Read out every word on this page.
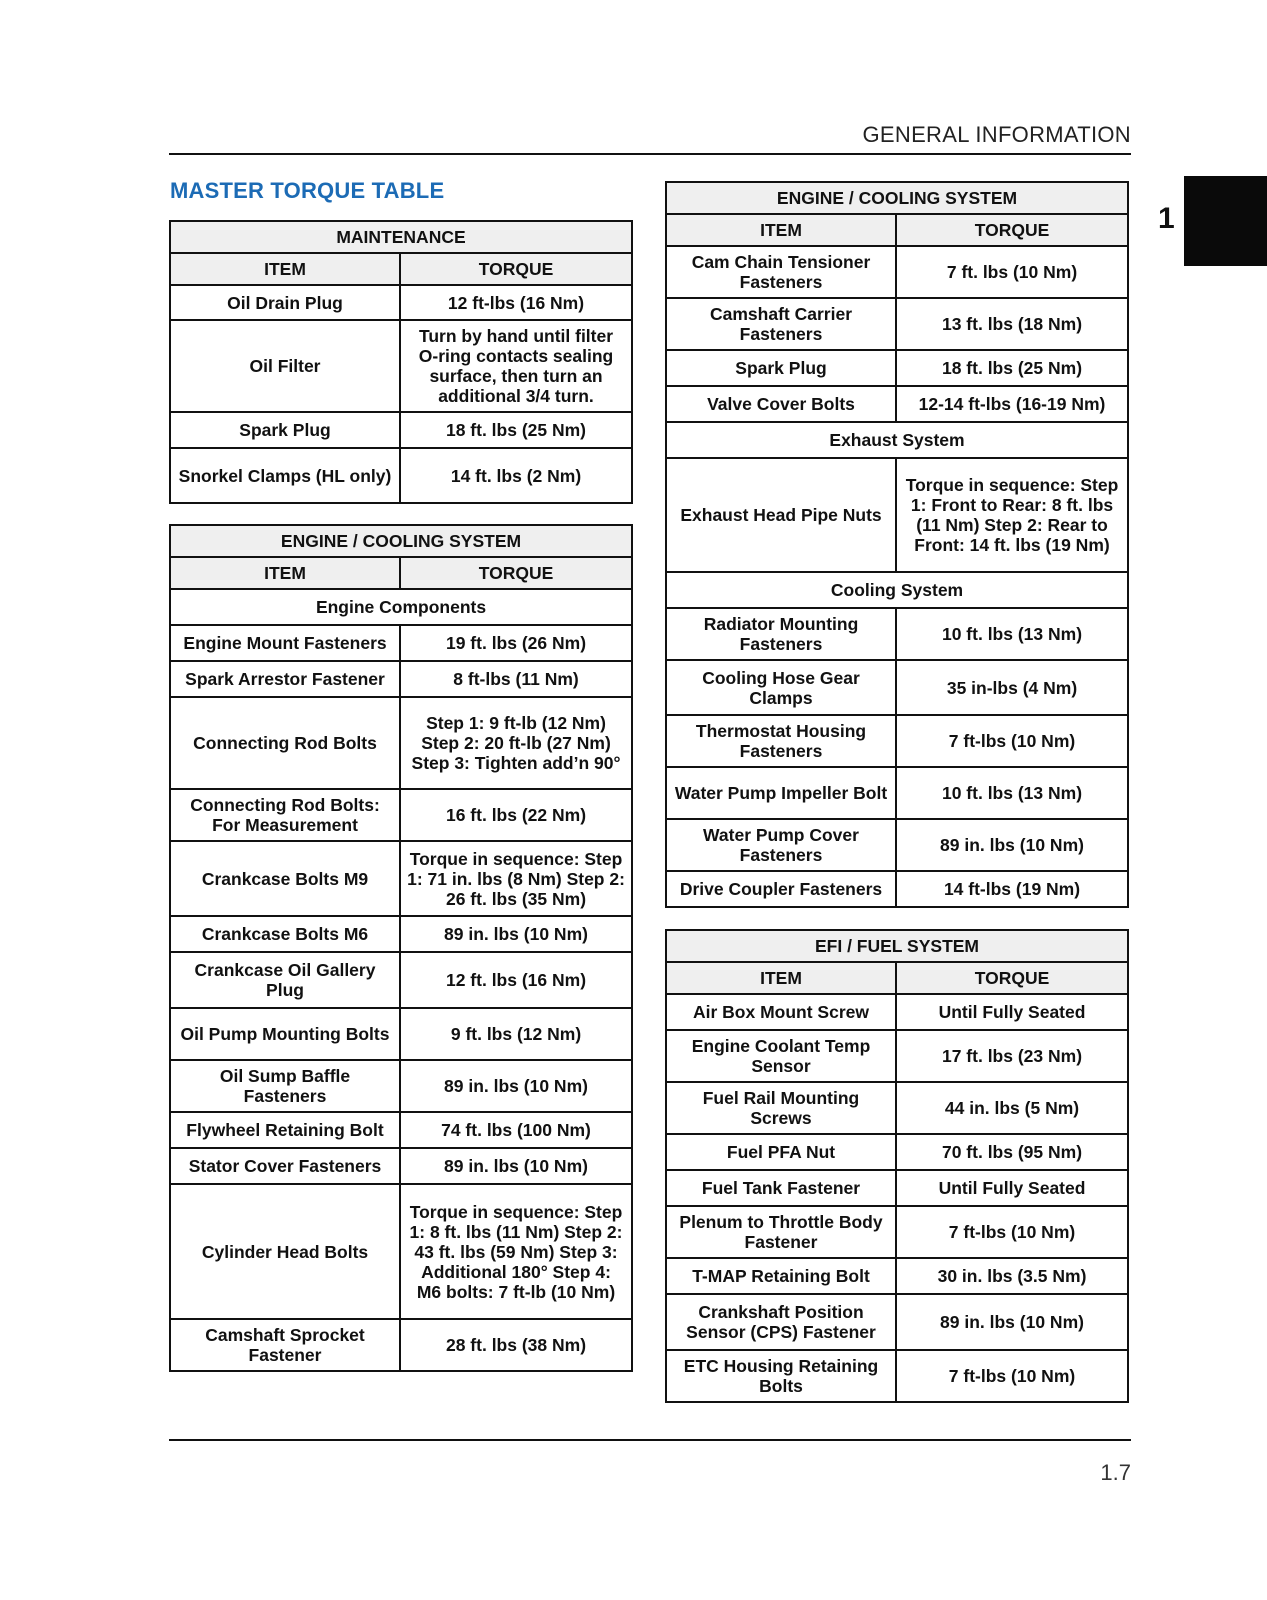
GENERAL INFORMATION
1
MASTER TORQUE TABLE
MAINTENANCE	
ITEM	TORQUE
Oil Drain Plug	12 ft-lbs (16 Nm)
Oil Filter	Turn by hand until filter O-ring contacts sealing surface, then turn an additional 3/4 turn.
Spark Plug	18 ft. lbs (25 Nm)
Snorkel Clamps (HL only)	14 ft. lbs (2 Nm)
ENGINE / COOLING SYSTEM	
ITEM	TORQUE
Engine Components	
Engine Mount Fasteners	19 ft. lbs (26 Nm)
Spark Arrestor Fastener	8 ft-lbs (11 Nm)
Connecting Rod Bolts	Step 1: 9 ft-lb (12 Nm) Step 2: 20 ft-lb (27 Nm) Step 3: Tighten add’n 90°
Connecting Rod Bolts: For Measurement	16 ft. lbs (22 Nm)
Crankcase Bolts M9	Torque in sequence: Step 1: 71 in. lbs (8 Nm) Step 2: 26 ft. lbs (35 Nm)
Crankcase Bolts M6	89 in. lbs (10 Nm)
Crankcase Oil Gallery Plug	12 ft. lbs (16 Nm)
Oil Pump Mounting Bolts	9 ft. lbs (12 Nm)
Oil Sump Baffle Fasteners	89 in. lbs (10 Nm)
Flywheel Retaining Bolt	74 ft. lbs (100 Nm)
Stator Cover Fasteners	89 in. lbs (10 Nm)
Cylinder Head Bolts	Torque in sequence: Step 1: 8 ft. lbs (11 Nm) Step 2: 43 ft. lbs (59 Nm) Step 3: Additional 180° Step 4: M6 bolts: 7 ft-lb (10 Nm)
Camshaft Sprocket Fastener	28 ft. lbs (38 Nm)
ENGINE / COOLING SYSTEM	
ITEM	TORQUE
Cam Chain Tensioner Fasteners	7 ft. lbs (10 Nm)
Camshaft Carrier Fasteners	13 ft. lbs (18 Nm)
Spark Plug	18 ft. lbs (25 Nm)
Valve Cover Bolts	12-14 ft-lbs (16-19 Nm)
Exhaust System	
Exhaust Head Pipe Nuts	Torque in sequence: Step 1: Front to Rear: 8 ft. lbs (11 Nm) Step 2: Rear to Front: 14 ft. lbs (19 Nm)
Cooling System	
Radiator Mounting Fasteners	10 ft. lbs (13 Nm)
Cooling Hose Gear Clamps	35 in-lbs (4 Nm)
Thermostat Housing Fasteners	7 ft-lbs (10 Nm)
Water Pump Impeller Bolt	10 ft. lbs (13 Nm)
Water Pump Cover Fasteners	89 in. lbs (10 Nm)
Drive Coupler Fasteners	14 ft-lbs (19 Nm)
EFI / FUEL SYSTEM	
ITEM	TORQUE
Air Box Mount Screw	Until Fully Seated
Engine Coolant Temp Sensor	17 ft. lbs (23 Nm)
Fuel Rail Mounting Screws	44 in. lbs (5 Nm)
Fuel PFA Nut	70 ft. lbs (95 Nm)
Fuel Tank Fastener	Until Fully Seated
Plenum to Throttle Body Fastener	7 ft-lbs (10 Nm)
T-MAP Retaining Bolt	30 in. lbs (3.5 Nm)
Crankshaft Position Sensor (CPS) Fastener	89 in. lbs (10 Nm)
ETC Housing Retaining Bolts	7 ft-lbs (10 Nm)
1.7
